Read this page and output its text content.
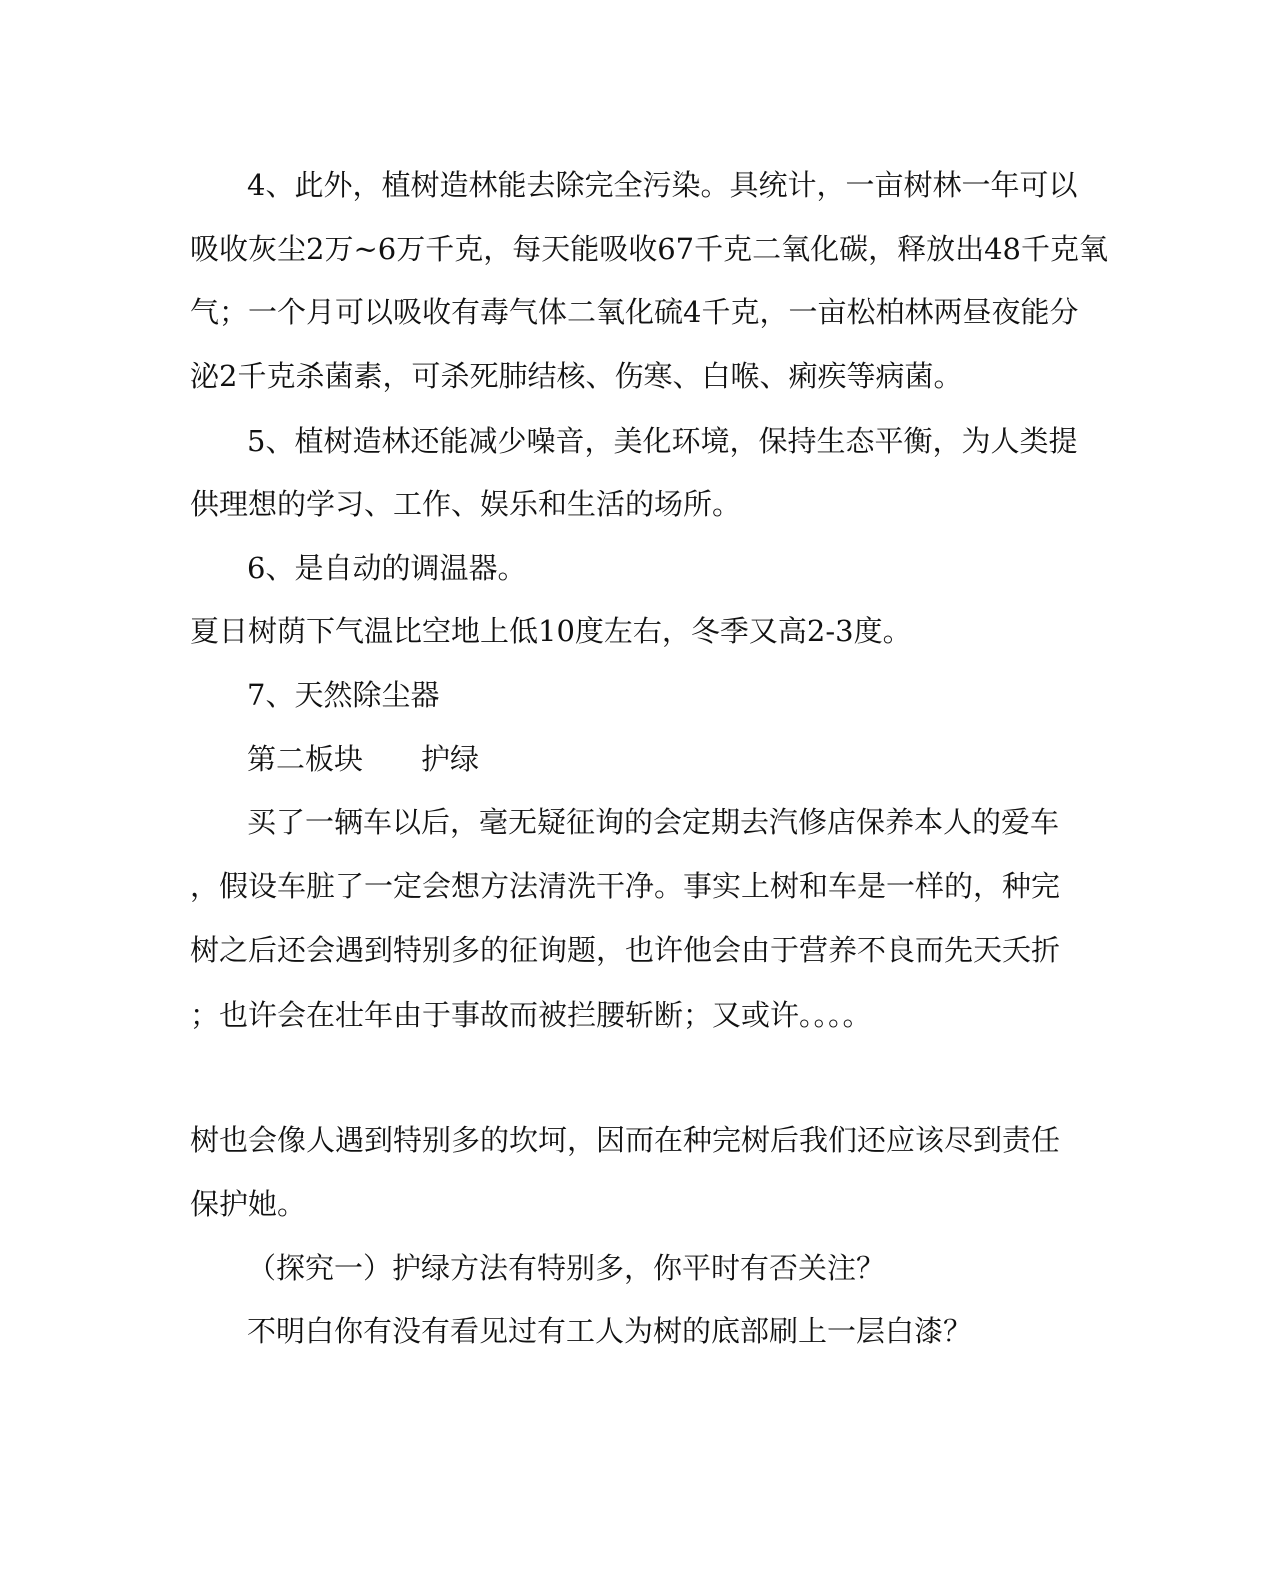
4、此外，植树造林能去除完全污染。具统计，一亩树林一年可以
吸收灰尘2万~6万千克，每天能吸收67千克二氧化碳，释放出48千克氧
气；一个月可以吸收有毒气体二氧化硫4千克，一亩松柏林两昼夜能分
泌2千克杀菌素，可杀死肺结核、伤寒、白喉、痢疾等病菌。
5、植树造林还能减少噪音，美化环境，保持生态平衡，为人类提
供理想的学习、工作、娱乐和生活的场所。
6、是自动的调温器。
夏日树荫下气温比空地上低10度左右，冬季又高2-3度。
7、天然除尘器
第二板块　　护绿
买了一辆车以后，毫无疑征询的会定期去汽修店保养本人的爱车
，假设车脏了一定会想方法清洗干净。事实上树和车是一样的，种完
树之后还会遇到特别多的征询题，也许他会由于营养不良而先天夭折
；也许会在壮年由于事故而被拦腰斩断；又或许。。。。
树也会像人遇到特别多的坎坷，因而在种完树后我们还应该尽到责任
保护她。
（探究一）护绿方法有特别多，你平时有否关注？
不明白你有没有看见过有工人为树的底部刷上一层白漆？
